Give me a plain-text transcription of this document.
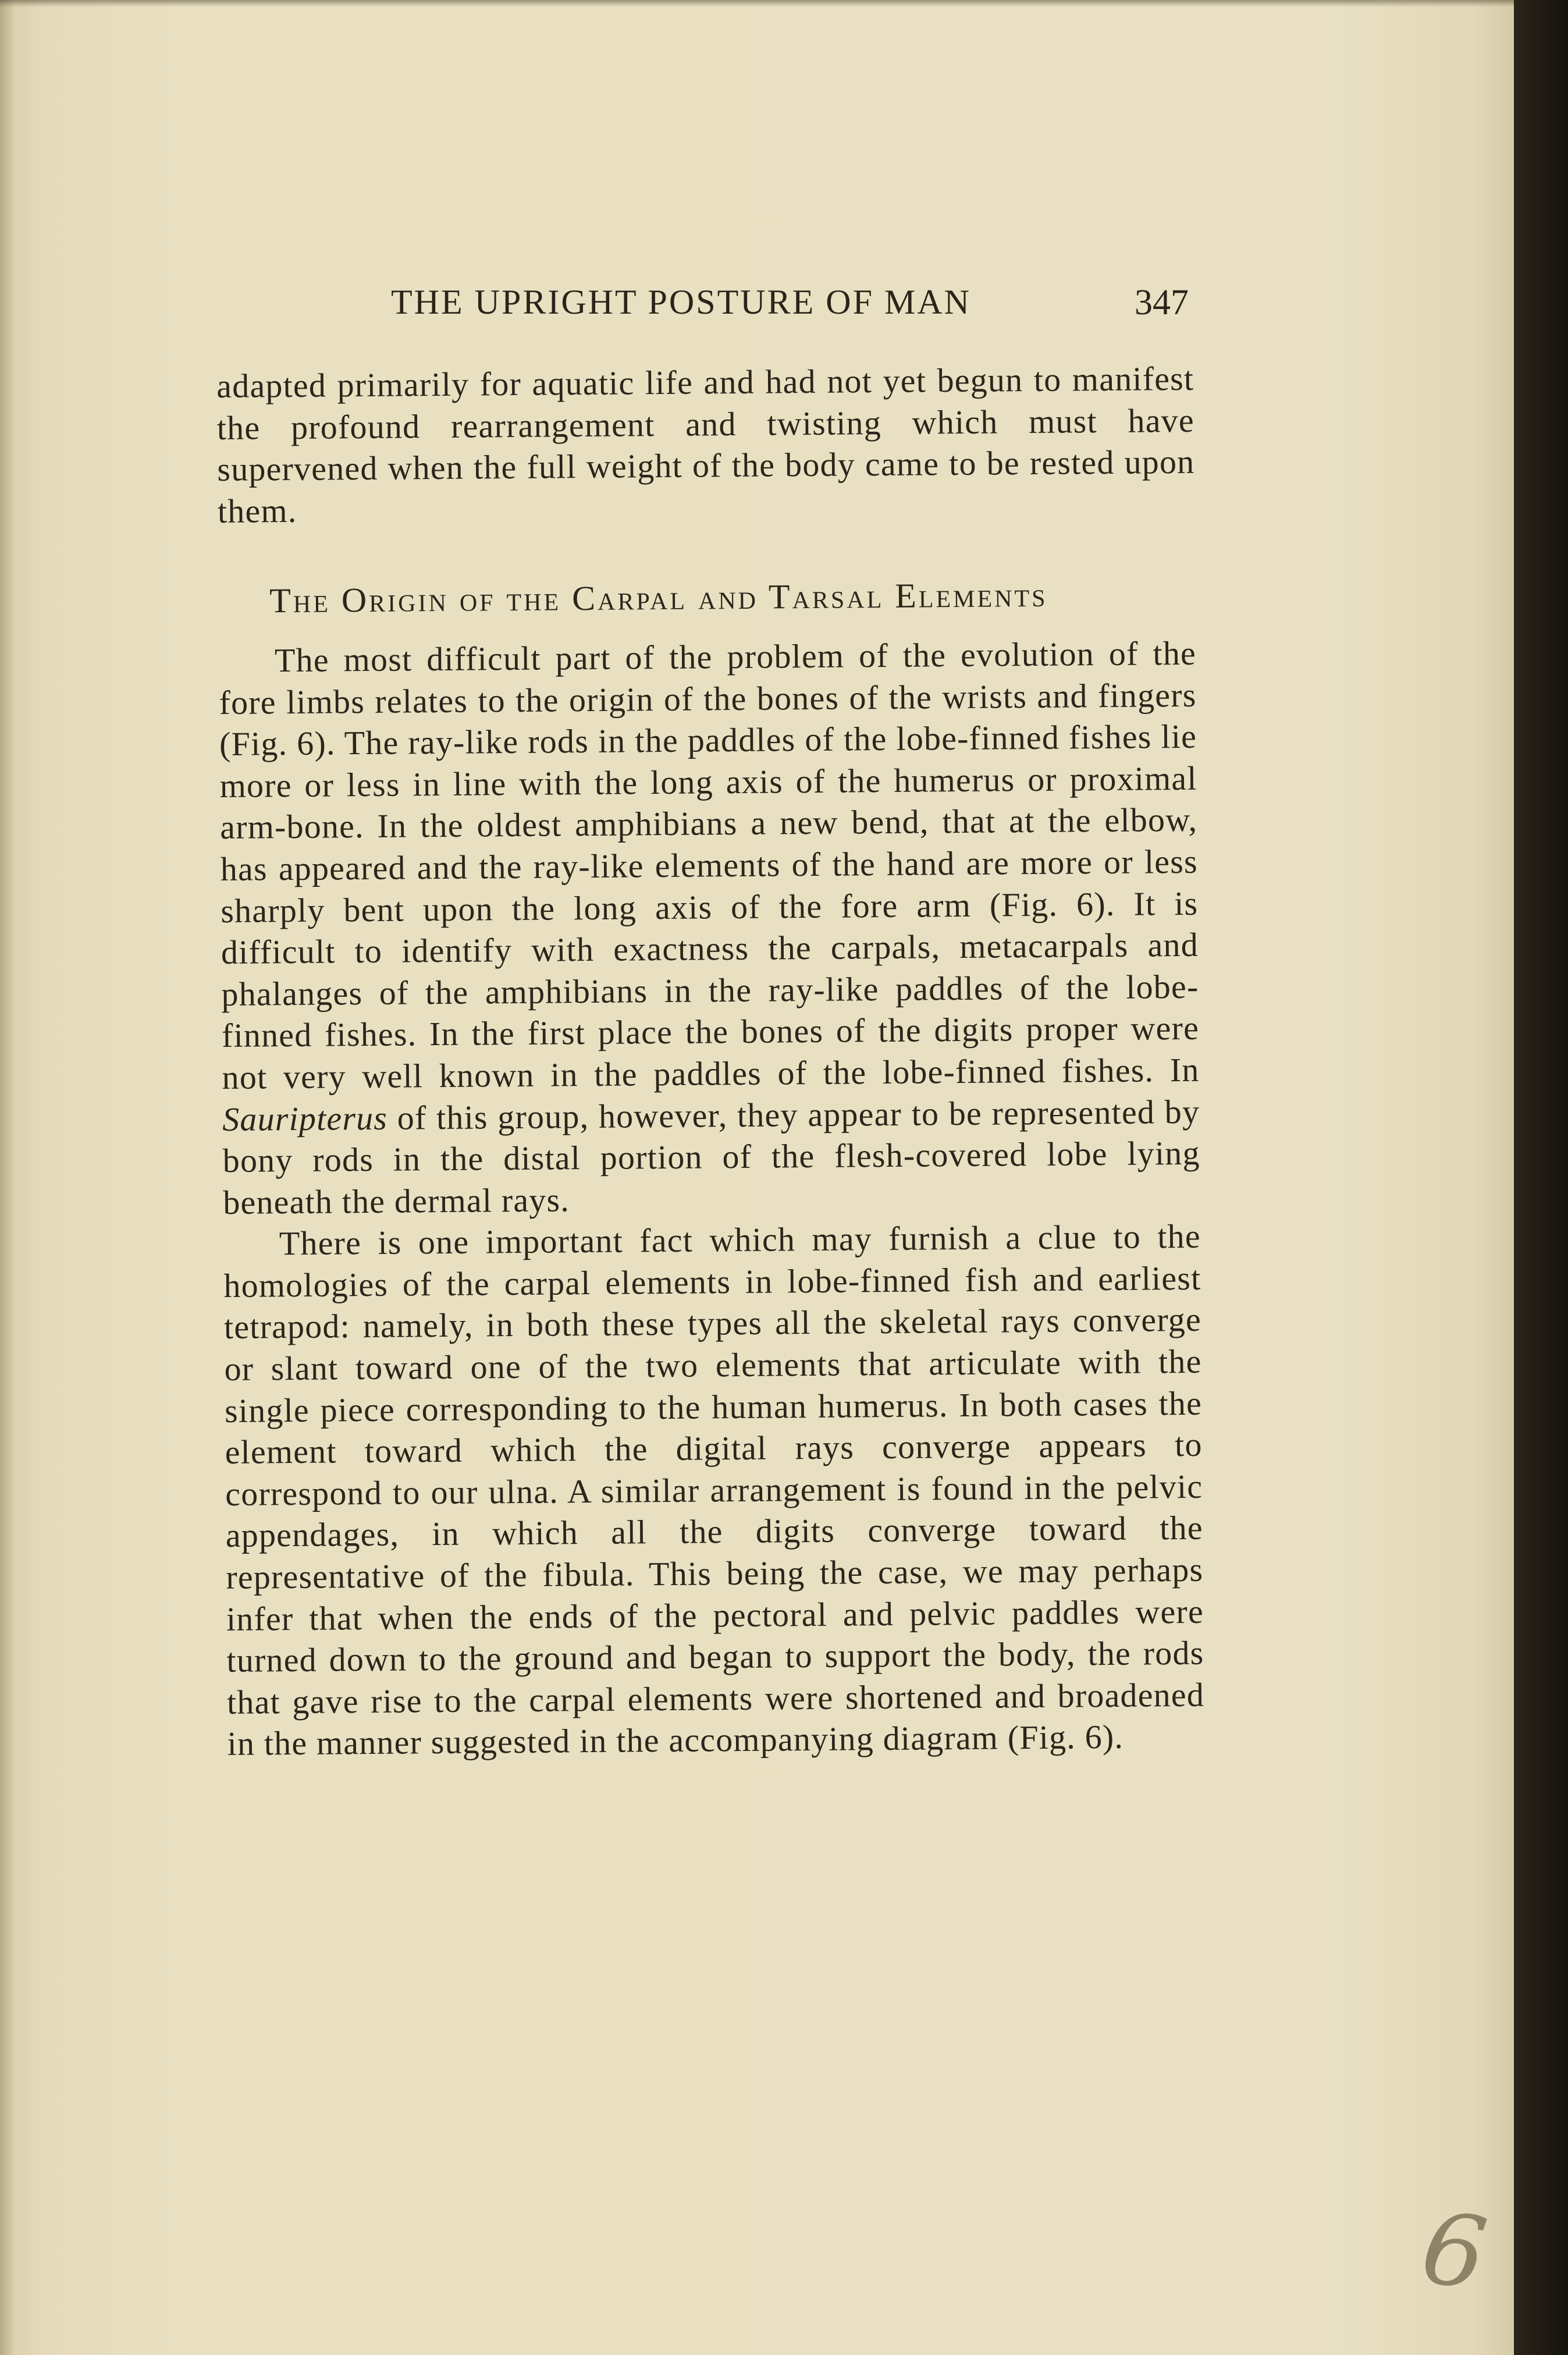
THE UPRIGHT POSTURE OF MAN	347

adapted primarily for aquatic life and had not yet begun to manifest the profound rearrangement and twisting which must have supervened when the full weight of the body came to be rested upon them.

The Origin of the Carpal and Tarsal Elements

The most difficult part of the problem of the evolution of the fore limbs relates to the origin of the bones of the wrists and fingers (Fig. 6). The ray-like rods in the paddles of the lobe-finned fishes lie more or less in line with the long axis of the humerus or proximal arm-bone. In the oldest amphibians a new bend, that at the elbow, has appeared and the ray-like elements of the hand are more or less sharply bent upon the long axis of the fore arm (Fig. 6). It is difficult to identify with exactness the carpals, metacarpals and phalanges of the amphibians in the ray-like paddles of the lobe-finned fishes. In the first place the bones of the digits proper were not very well known in the paddles of the lobe-finned fishes. In Sauripterus of this group, however, they appear to be represented by bony rods in the distal portion of the flesh-covered lobe lying beneath the dermal rays.

There is one important fact which may furnish a clue to the homologies of the carpal elements in lobe-finned fish and earliest tetrapod: namely, in both these types all the skeletal rays converge or slant toward one of the two elements that articulate with the single piece corresponding to the human humerus. In both cases the element toward which the digital rays converge appears to correspond to our ulna. A similar arrangement is found in the pelvic appendages, in which all the digits converge toward the representative of the fibula. This being the case, we may perhaps infer that when the ends of the pectoral and pelvic paddles were turned down to the ground and began to support the body, the rods that gave rise to the carpal elements were shortened and broadened in the manner suggested in the accompanying diagram (Fig. 6).

6
